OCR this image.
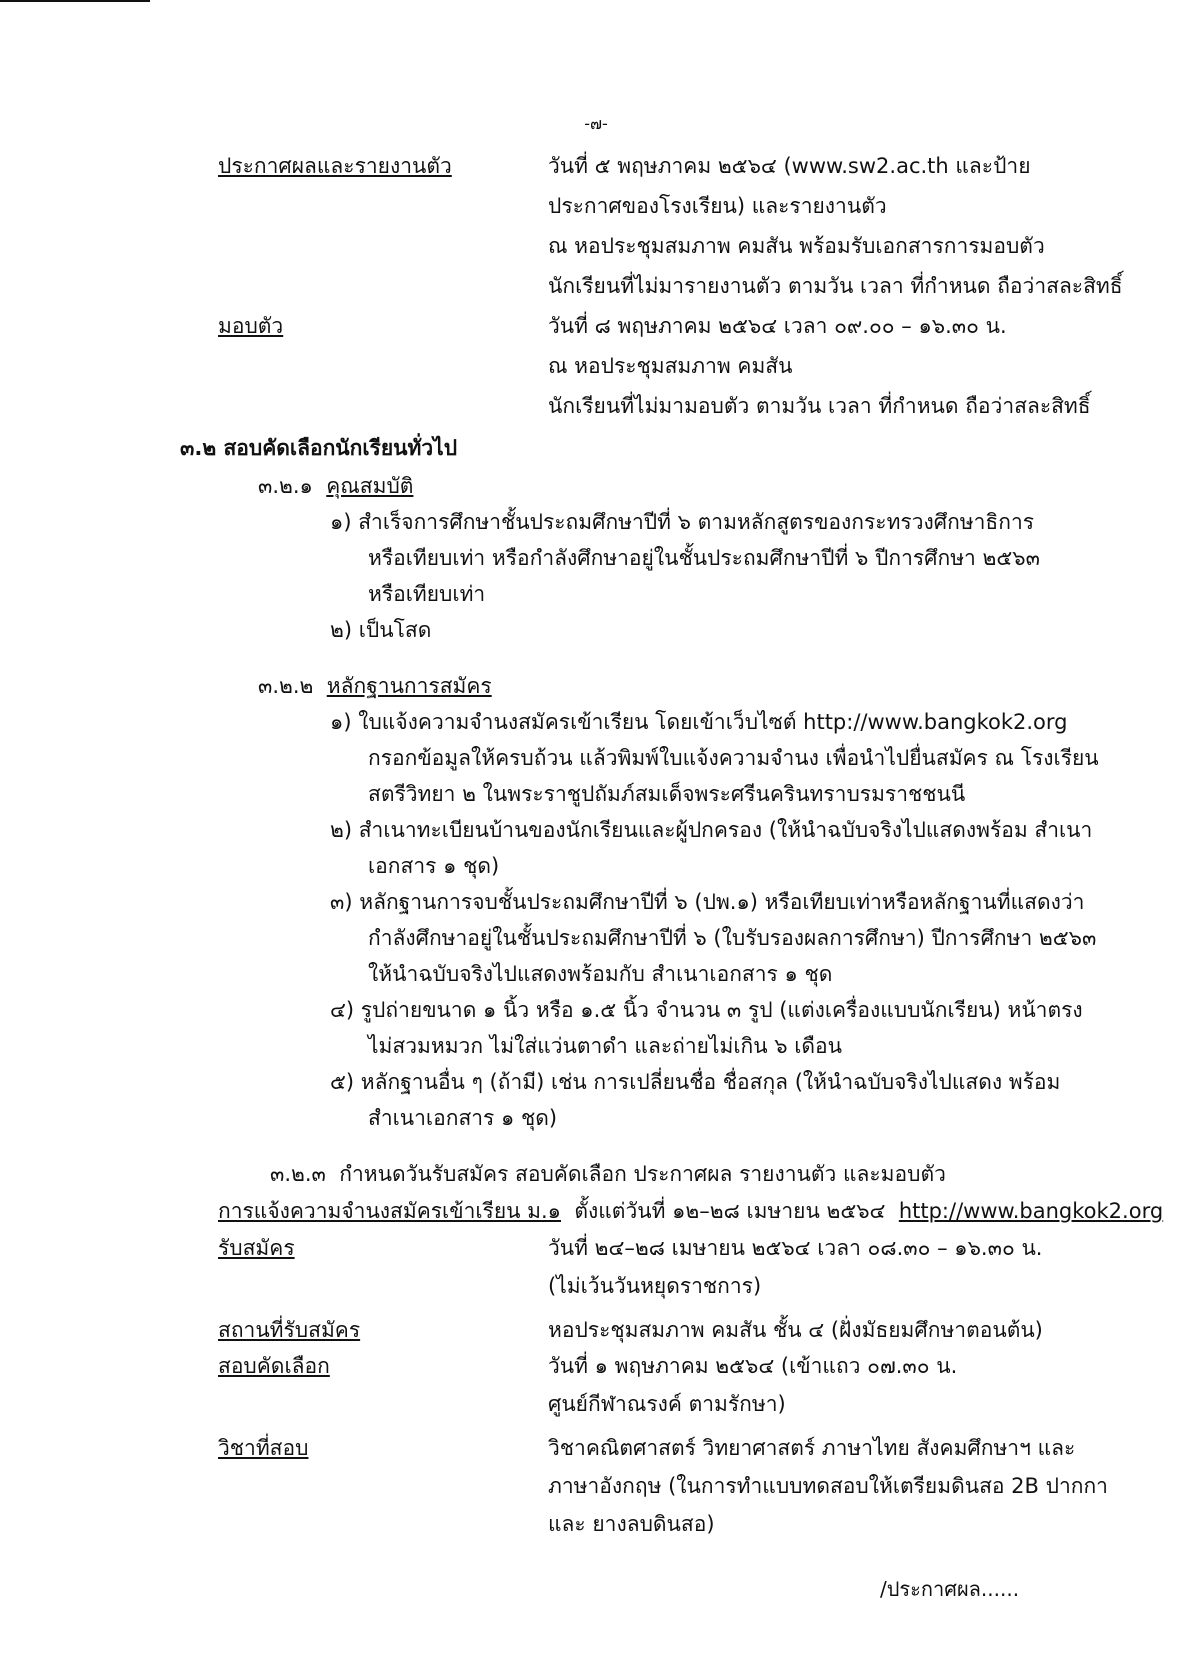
-๗-
ประกาศผลและรายงานตัว	วันที่ ๕ พฤษภาคม ๒๕๖๔ (www.sw2.ac.th และป้าย
ประกาศของโรงเรียน) และรายงานตัว
ณ หอประชุมสมภาพ คมสัน พร้อมรับเอกสารการมอบตัว
นักเรียนที่ไม่มารายงานตัว ตามวัน เวลา ที่กำหนด ถือว่าสละสิทธิ์
มอบตัว	วันที่ ๘ พฤษภาคม ๒๕๖๔ เวลา ๐๙.๐๐ – ๑๖.๓๐ น.
ณ หอประชุมสมภาพ คมสัน
นักเรียนที่ไม่มามอบตัว ตามวัน เวลา ที่กำหนด ถือว่าสละสิทธิ์
๓.๒ สอบคัดเลือกนักเรียนทั่วไป
๓.๒.๑ คุณสมบัติ
๑) สำเร็จการศึกษาชั้นประถมศึกษาปีที่ ๖ ตามหลักสูตรของกระทรวงศึกษาธิการ
หรือเทียบเท่า หรือกำลังศึกษาอยู่ในชั้นประถมศึกษาปีที่ ๖ ปีการศึกษา ๒๕๖๓
หรือเทียบเท่า
๒) เป็นโสด
๓.๒.๒ หลักฐานการสมัคร
๑) ใบแจ้งความจำนงสมัครเข้าเรียน โดยเข้าเว็บไซต์ http://www.bangkok2.org
กรอกข้อมูลให้ครบถ้วน แล้วพิมพ์ใบแจ้งความจำนง เพื่อนำไปยื่นสมัคร ณ โรงเรียน
สตรีวิทยา ๒ ในพระราชูปถัมภ์สมเด็จพระศรีนครินทราบรมราชชนนี
๒) สำเนาทะเบียนบ้านของนักเรียนและผู้ปกครอง (ให้นำฉบับจริงไปแสดงพร้อม สำเนา
เอกสาร ๑ ชุด)
๓) หลักฐานการจบชั้นประถมศึกษาปีที่ ๖ (ปพ.๑) หรือเทียบเท่าหรือหลักฐานที่แสดงว่า
กำลังศึกษาอยู่ในชั้นประถมศึกษาปีที่ ๖ (ใบรับรองผลการศึกษา) ปีการศึกษา ๒๕๖๓
ให้นำฉบับจริงไปแสดงพร้อมกับ สำเนาเอกสาร ๑ ชุด
๔) รูปถ่ายขนาด ๑ นิ้ว หรือ ๑.๕ นิ้ว จำนวน ๓ รูป (แต่งเครื่องแบบนักเรียน) หน้าตรง
ไม่สวมหมวก ไม่ใส่แว่นตาดำ และถ่ายไม่เกิน ๖ เดือน
๕) หลักฐานอื่น ๆ (ถ้ามี) เช่น การเปลี่ยนชื่อ ชื่อสกุล (ให้นำฉบับจริงไปแสดง พร้อม
สำเนาเอกสาร ๑ ชุด)
๓.๒.๓ กำหนดวันรับสมัคร สอบคัดเลือก ประกาศผล รายงานตัว และมอบตัว
การแจ้งความจำนงสมัครเข้าเรียน ม.๑ ตั้งแต่วันที่ ๑๒–๒๘ เมษายน ๒๕๖๔ http://www.bangkok2.org
รับสมัคร	วันที่ ๒๔–๒๘ เมษายน ๒๕๖๔ เวลา ๐๘.๓๐ – ๑๖.๓๐ น.
(ไม่เว้นวันหยุดราชการ)
สถานที่รับสมัคร	หอประชุมสมภาพ คมสัน ชั้น ๔ (ฝั่งมัธยมศึกษาตอนต้น)
สอบคัดเลือก	วันที่ ๑ พฤษภาคม ๒๕๖๔ (เข้าแถว ๐๗.๓๐ น.
ศูนย์กีฬาณรงค์ ตามรักษา)
วิชาที่สอบ	วิชาคณิตศาสตร์ วิทยาศาสตร์ ภาษาไทย สังคมศึกษาฯ และ
ภาษาอังกฤษ (ในการทำแบบทดสอบให้เตรียมดินสอ 2B ปากกา
และ ยางลบดินสอ)
/ประกาศผล......
